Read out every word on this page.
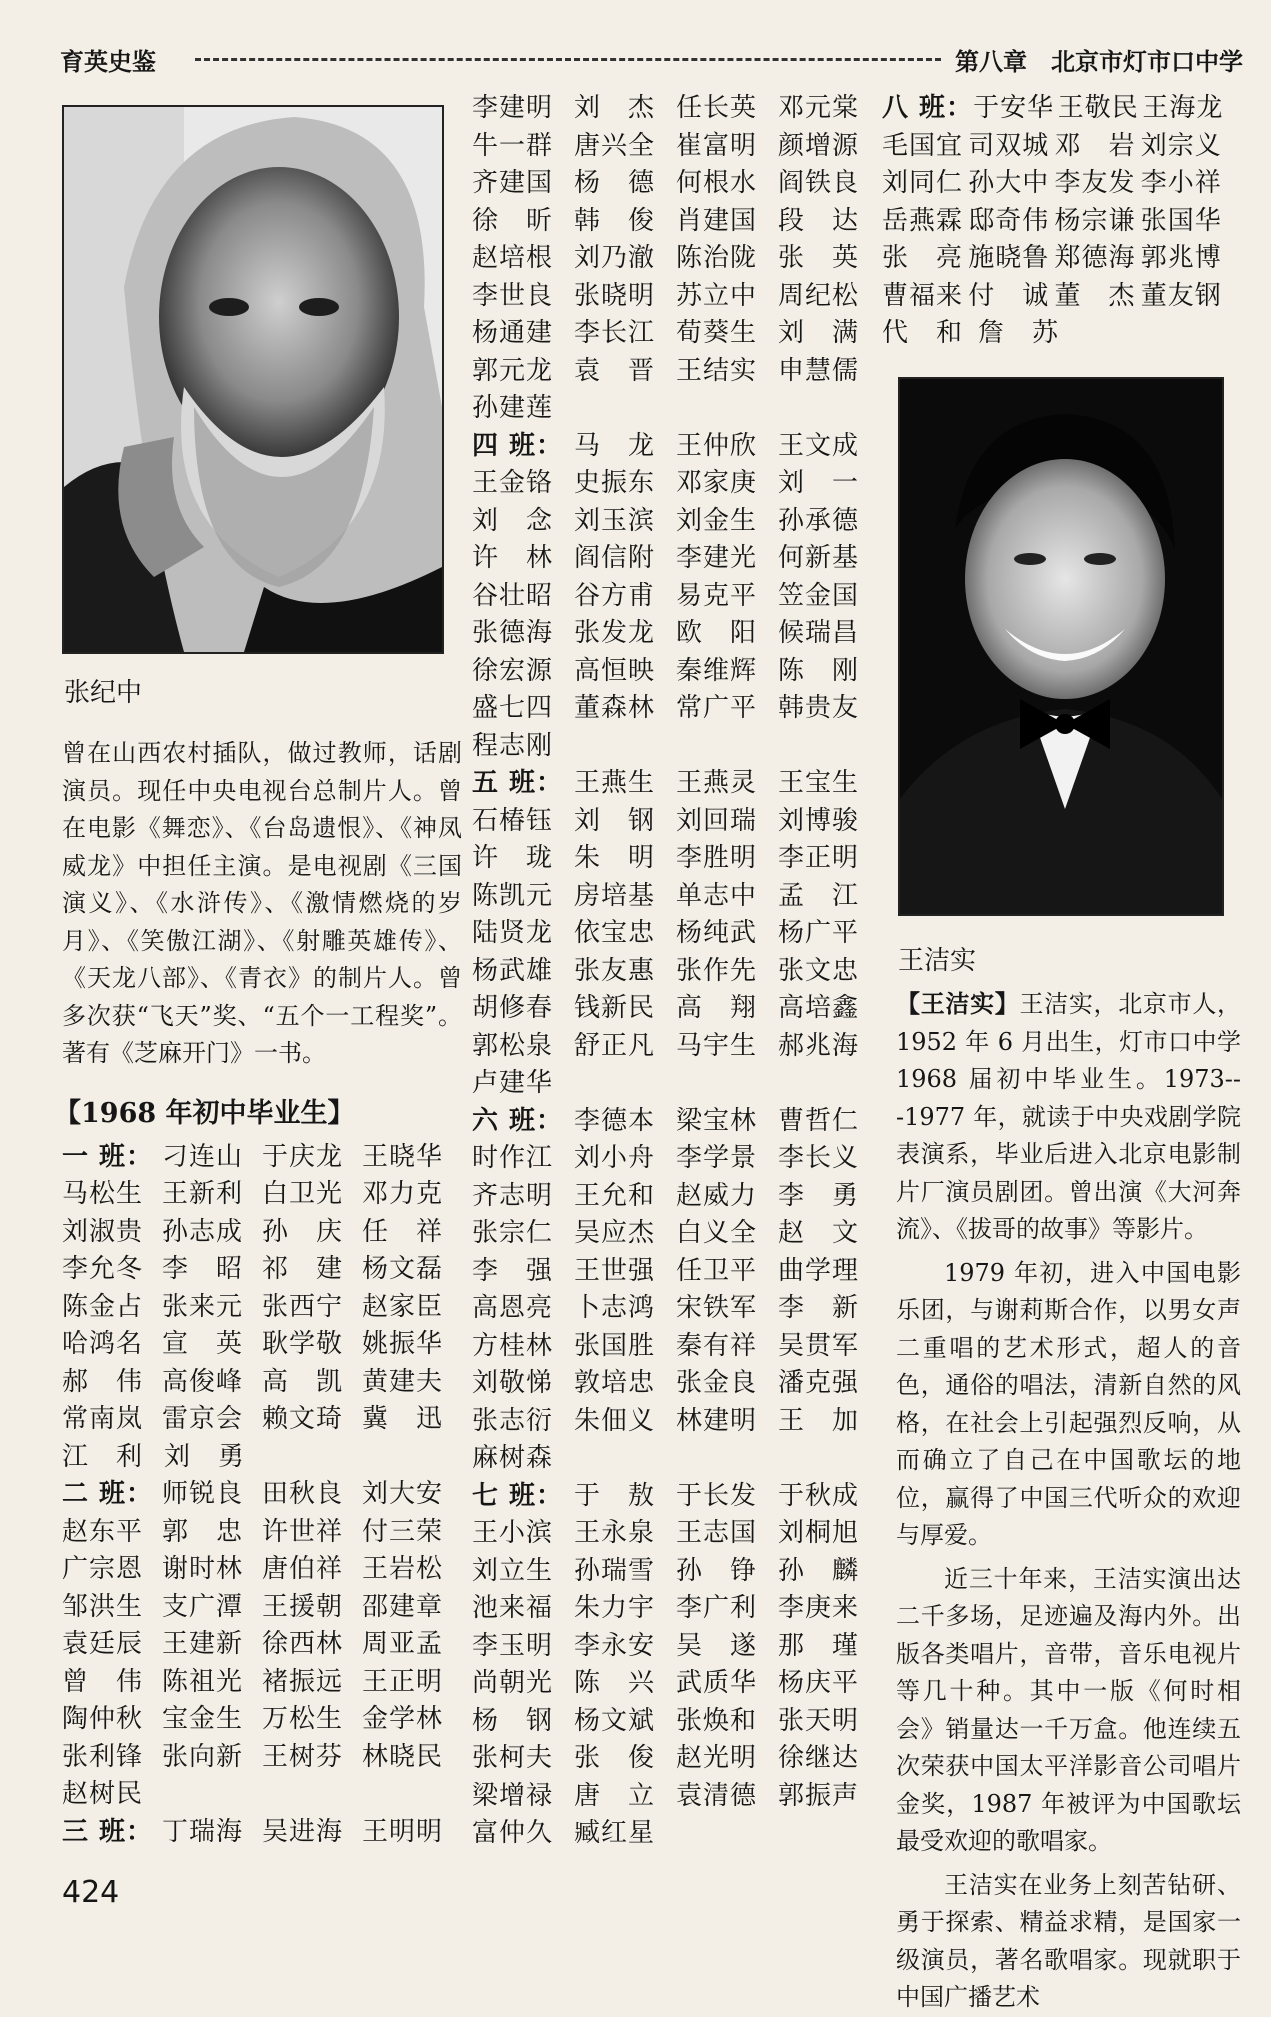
育英史鉴	第八章 北京市灯市口中学
张纪中

曾在山西农村插队，做过教师，话剧演员。现任中央电视台总制片人。曾在电影《舞恋》、《台岛遗恨》、《神凤威龙》中担任主演。是电视剧《三国演义》、《水浒传》、《激情燃烧的岁月》、《笑傲江湖》、《射雕英雄传》、《天龙八部》、《青衣》的制片人。曾多次获“飞天”奖、“五个一工程奖”。著有《芝麻开门》一书。

【1968 年初中毕业生】
一 班： 刁连山 于庆龙 王晓华
马松生 王新利 白卫光 邓力克
刘淑贵 孙志成 孙　庆 任　祥
李允冬 李　昭 祁　建 杨文磊
陈金占 张来元 张西宁 赵家臣
哈鸿名 宣　英 耿学敬 姚振华
郝　伟 高俊峰 高　凯 黄建夫
常南岚 雷京会 赖文琦 冀　迅
江　利 刘　勇
二 班： 师锐良 田秋良 刘大安
赵东平 郭　忠 许世祥 付三荣
广宗恩 谢时林 唐伯祥 王岩松
邹洪生 支广潭 王援朝 邵建章
袁廷辰 王建新 徐西林 周亚孟
曾　伟 陈祖光 褚振远 王正明
陶仲秋 宝金生 万松生 金学林
张利锋 张向新 王树芬 林晓民
赵树民
三 班： 丁瑞海 吴进海 王明明
李建明 刘　杰 任长英 邓元棠
牛一群 唐兴全 崔富明 颜增源
齐建国 杨　德 何根水 阎铁良
徐　昕 韩　俊 肖建国 段　达
赵培根 刘乃澈 陈治陇 张　英
李世良 张晓明 苏立中 周纪松
杨通建 李长江 荀葵生 刘　满
郭元龙 袁　晋 王结实 申慧儒
孙建莲
四 班： 马　龙 王仲欣 王文成
王金铬 史振东 邓家庚 刘　一
刘　念 刘玉滨 刘金生 孙承德
许　林 阎信附 李建光 何新基
谷壮昭 谷方甫 易克平 笠金国
张德海 张发龙 欧　阳 候瑞昌
徐宏源 高恒映 秦维辉 陈　刚
盛七四 董森林 常广平 韩贵友
程志刚
五 班： 王燕生 王燕灵 王宝生
石椿钰 刘　钢 刘回瑞 刘博骏
许　珑 朱　明 李胜明 李正明
陈凯元 房培基 单志中 孟　江
陆贤龙 依宝忠 杨纯武 杨广平
杨武雄 张友惠 张作先 张文忠
胡修春 钱新民 高　翔 高培鑫
郭松泉 舒正凡 马宇生 郝兆海
卢建华
六 班： 李德本 梁宝林 曹哲仁
时作江 刘小舟 李学景 李长义
齐志明 王允和 赵威力 李　勇
张宗仁 吴应杰 白义全 赵　文
李　强 王世强 任卫平 曲学理
高恩亮 卜志鸿 宋铁军 李　新
方桂林 张国胜 秦有祥 吴贯军
刘敬悌 敦培忠 张金良 潘克强
张志衍 朱佃义 林建明 王　加
麻树森
七 班： 于　敖 于长发 于秋成
王小滨 王永泉 王志国 刘桐旭
刘立生 孙瑞雪 孙　铮 孙　麟
池来福 朱力宇 李广利 李庚来
李玉明 李永安 吴　遂 那　瑾
尚朝光 陈　兴 武质华 杨庆平
杨　钢 杨文斌 张焕和 张天明
张柯夫 张　俊 赵光明 徐继达
梁增禄 唐　立 袁清德 郭振声
富仲久 臧红星
八 班： 于安华 王敬民 王海龙
毛国宜 司双城 邓　岩 刘宗义
刘同仁 孙大中 李友发 李小祥
岳燕霖 邸奇伟 杨宗谦 张国华
张　亮 施晓鲁 郑德海 郭兆博
曹福来 付　诚 董　杰 董友钢
代　和 詹　苏
王洁实

【王洁实】王洁实，北京市人，1952 年 6 月出生，灯市口中学 1968 届初中毕业生。1973---1977 年，就读于中央戏剧学院表演系，毕业后进入北京电影制片厂演员剧团。曾出演《大河奔流》、《拔哥的故事》等影片。

1979 年初，进入中国电影乐团，与谢莉斯合作，以男女声二重唱的艺术形式，超人的音色，通俗的唱法，清新自然的风格，在社会上引起强烈反响，从而确立了自己在中国歌坛的地位，赢得了中国三代听众的欢迎与厚爱。

近三十年来，王洁实演出达二千多场，足迹遍及海内外。出版各类唱片，音带，音乐电视片等几十种。其中一版《何时相会》销量达一千万盒。他连续五次荣获中国太平洋影音公司唱片金奖，1987 年被评为中国歌坛最受欢迎的歌唱家。

王洁实在业务上刻苦钻研、勇于探索、精益求精，是国家一级演员，著名歌唱家。现就职于中国广播艺术

424
